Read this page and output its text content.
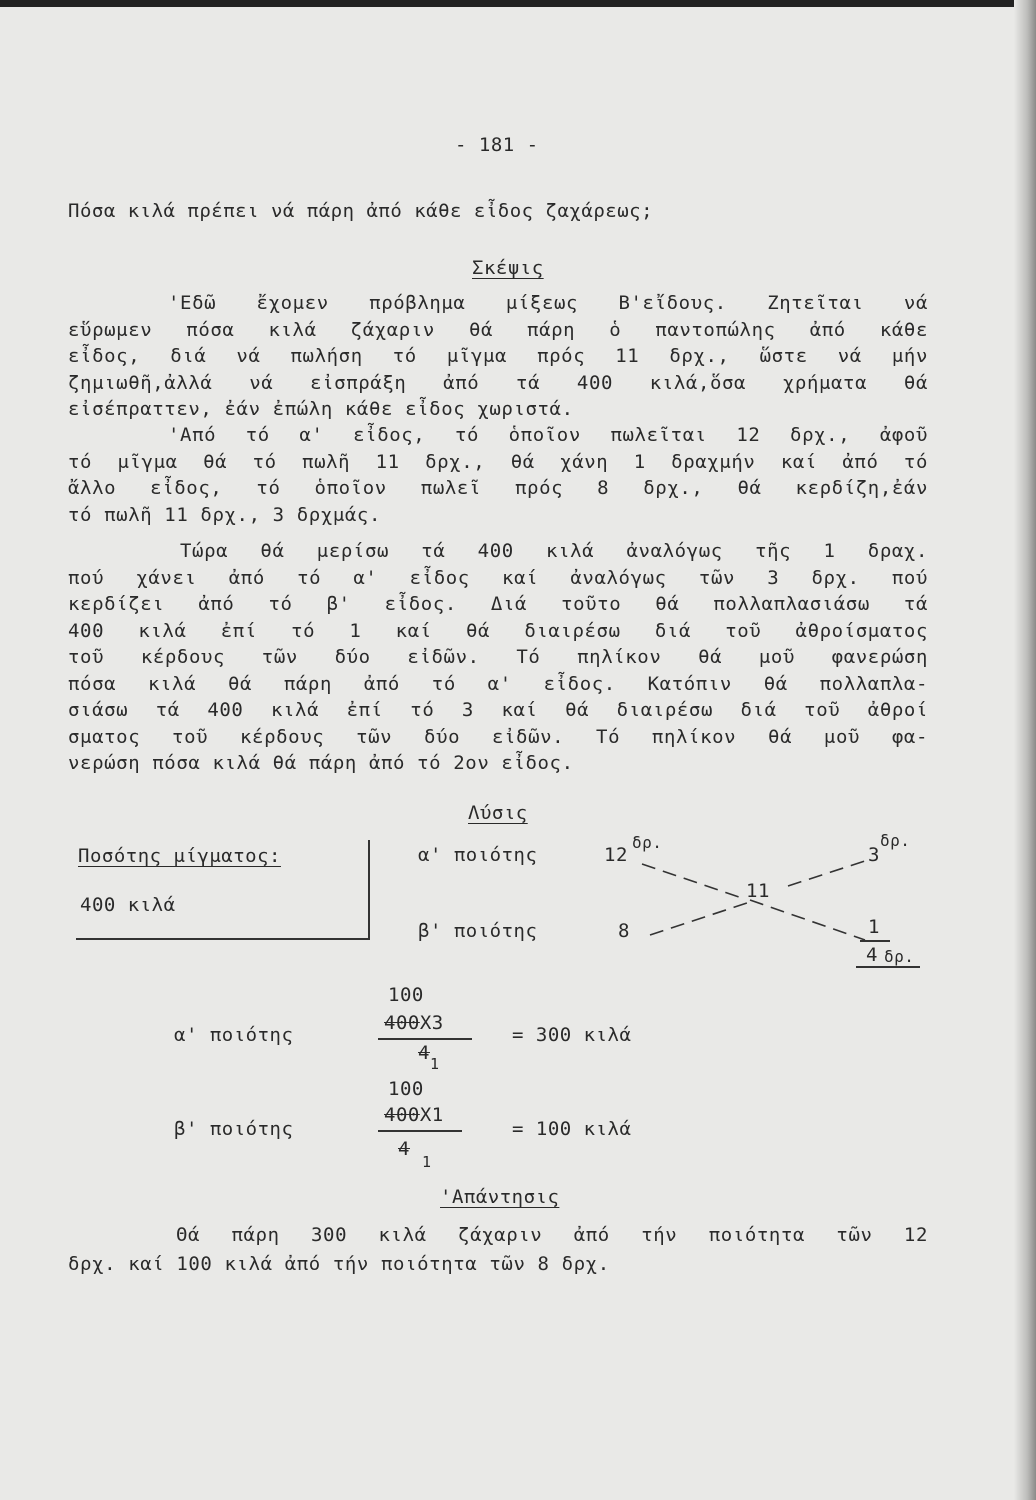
- 181 -
Πόσα κιλά πρέπει νά πάρη ἀπό κάθε εἶδος ζαχάρεως;
Σκέψις
'Εδῶ ἔχομεν πρόβλημα μίξεως Β'εἴδους. Ζητεῖται νά
εὕρωμεν πόσα κιλά ζάχαριν θά πάρη ὁ παντοπώλης ἀπό κάθε
εἶδος, διά νά πωλήση τό μῖγμα πρός 11 δρχ., ὥστε νά μήν
ζημιωθῆ,ἀλλά νά εἰσπράξη ἀπό τά 400 κιλά,ὅσα χρήματα θά
εἰσέπραττεν, ἐάν ἐπώλη κάθε εἶδος χωριστά.
'Από τό α' εἶδος, τό ὁποῖον πωλεῖται 12 δρχ., ἀφοῦ
τό μῖγμα θά τό πωλῆ 11 δρχ., θά χάνη 1 δραχμήν καί ἀπό τό
ἄλλο εἶδος, τό ὁποῖον πωλεῖ πρός 8 δρχ., θά κερδίζη,ἐάν
τό πωλῆ 11 δρχ., 3 δρχμάς.
Τώρα θά μερίσω τά 400 κιλά ἀναλόγως τῆς 1 δραχ.
πού χάνει ἀπό τό α' εἶδος καί ἀναλόγως τῶν 3 δρχ. πού
κερδίζει ἀπό τό β' εἶδος. Διά τοῦτο θά πολλαπλασιάσω τά
400 κιλά ἐπί τό 1 καί θά διαιρέσω διά τοῦ ἀθροίσματος
τοῦ κέρδους τῶν δύο εἰδῶν. Τό πηλίκον θά μοῦ φανερώση
πόσα κιλά θά πάρη ἀπό τό α' εἶδος. Κατόπιν θά πολλαπλα-
σιάσω τά 400 κιλά ἐπί τό 3 καί θά διαιρέσω διά τοῦ ἀθροί
σματος τοῦ κέρδους τῶν δύο εἰδῶν. Τό πηλίκον θά μοῦ φα-
νερώση πόσα κιλά θά πάρη ἀπό τό 2ον εἶδος.
Λύσις
Ποσότης μίγματος:
400 κιλά
α' ποιότης
β' ποιότης
12
δρ.
8
11
3
δρ.
1
4 δρ.
100
α' ποιότης
400X3
$4_1$
= 300 κιλά
100
β' ποιότης
400X1
$4_1$
= 100 κιλά
'Απάντησις
Θά πάρη 300 κιλά ζάχαριν ἀπό τήν ποιότητα τῶν 12
δρχ. καί 100 κιλά ἀπό τήν ποιότητα τῶν 8 δρχ.
